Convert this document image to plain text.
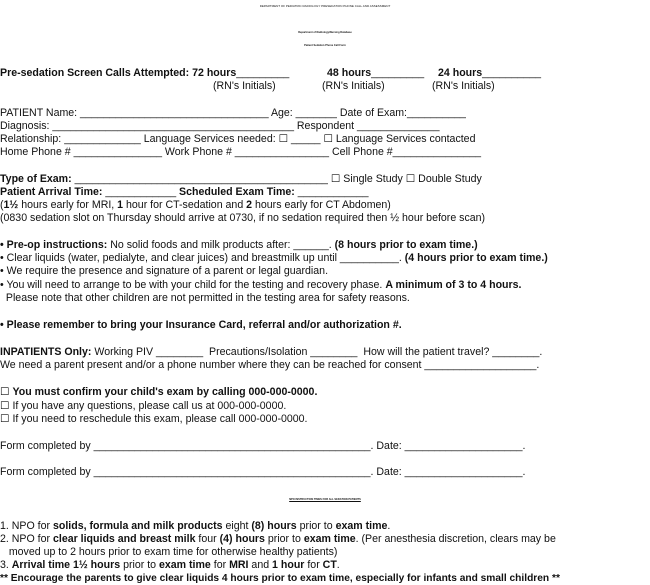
DEPARTMENT OF PEDIATRIC RADIOLOGY PRESEDATION PHONE CALL AND ASSESSMENT
Department of Radiology/Nursing Database
Patient Sedation Phone Call Form
Pre-sedation Screen Calls Attempted: 72 hours_________	48 hours_________ 24 hours__________
(RN's Initials)	(RN's Initials)	(RN's Initials)
PATIENT Name: ________________________________ Age: _______ Date of Exam:__________
Diagnosis: _________________________________________ Respondent ______________
Relationship: _____________ Language Services needed: ☐ _____ ☐ Language Services contacted
Home Phone # _______________ Work Phone # ________________ Cell Phone #_______________
Type of Exam: ___________________________________________ ☐ Single Study ☐ Double Study
Patient Arrival Time: ____________ Scheduled Exam Time: ____________
(1½ hours early for MRI, 1 hour for CT-sedation and 2 hours early for CT Abdomen)
(0830 sedation slot on Thursday should arrive at 0730, if no sedation required then ½ hour before scan)
• Pre-op instructions: No solid foods and milk products after: ______. (8 hours prior to exam time.)
• Clear liquids (water, pedialyte, and clear juices) and breastmilk up until __________. (4 hours prior to exam time.)
• We require the presence and signature of a parent or legal guardian.
• You will need to arrange to be with your child for the testing and recovery phase. A minimum of 3 to 4 hours.
Please note that other children are not permitted in the testing area for safety reasons.
• Please remember to bring your Insurance Card, referral and/or authorization #.
INPATIENTS Only: Working PIV ________  Precautions/Isolation ________  How will the patient travel? ________.
We need a parent present and/or a phone number where they can be reached for consent ___________________.
☐ You must confirm your child's exam by calling 000-000-0000.
☐ If you have any questions, please call us at 000-000-0000.
☐ If you need to reschedule this exam, please call 000-000-0000.
Form completed by _______________________________________________. Date: ____________________.
Form completed by _______________________________________________. Date: ____________________.
NPO INSTRUCTION TIMES FOR ALL SEDATION PATIENTS
1. NPO for solids, formula and milk products eight (8) hours prior to exam time.
2. NPO for clear liquids and breast milk four (4) hours prior to exam time. (Per anesthesia discretion, clears may be
moved up to 2 hours prior to exam time for otherwise healthy patients)
3. Arrival time 1½ hours prior to exam time for MRI and 1 hour for CT.
** Encourage the parents to give clear liquids 4 hours prior to exam time, especially for infants and small children **
